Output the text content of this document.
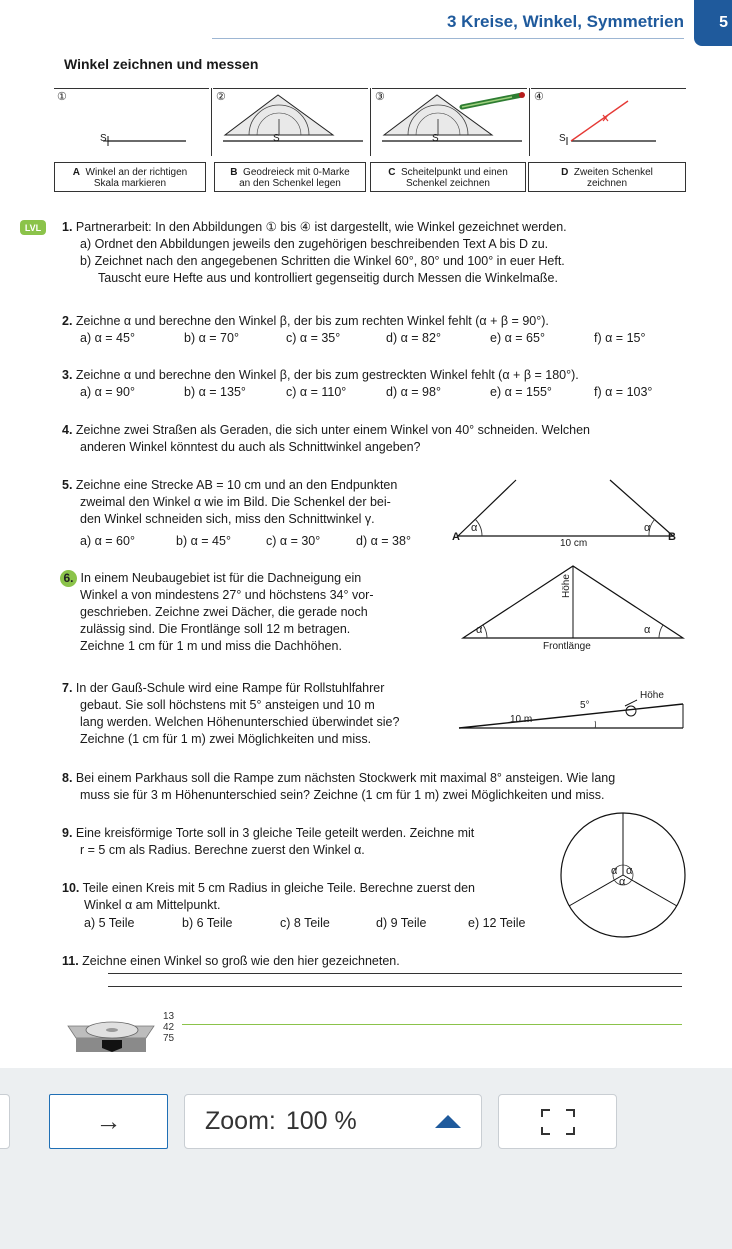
3 Kreise, Winkel, Symmetrien	5
Winkel zeichnen und messen
①
S
②
S
③
S
④
S
A Winkel an der richtigen
Skala markieren
B Geodreieck mit 0-Marke
an den Schenkel legen
C Scheitelpunkt und einen
Schenkel zeichnen
D Zweiten Schenkel
zeichnen
LVL	1. Partnerarbeit: In den Abbildungen ① bis ④ ist dargestellt, wie Winkel gezeichnet werden.
a) Ordnet den Abbildungen jeweils den zugehörigen beschreibenden Text A bis D zu.
b) Zeichnet nach den angegebenen Schritten die Winkel 60°, 80° und 100° in euer Heft.
Tauscht eure Hefte aus und kontrolliert gegenseitig durch Messen die Winkelmaße.
2. Zeichne α und berechne den Winkel β, der bis zum rechten Winkel fehlt (α + β = 90°).
a) α = 45°	b) α = 70°	c) α = 35°	d) α = 82°	e) α = 65°	f) α = 15°
3. Zeichne α und berechne den Winkel β, der bis zum gestreckten Winkel fehlt (α + β = 180°).
a) α = 90°	b) α = 135°	c) α = 110°	d) α = 98°	e) α = 155°	f) α = 103°
4. Zeichne zwei Straßen als Geraden, die sich unter einem Winkel von 40° schneiden. Welchen
anderen Winkel könntest du auch als Schnittwinkel angeben?
5. Zeichne eine Strecke AB = 10 cm und an den Endpunkten
zweimal den Winkel α wie im Bild. Die Schenkel der bei-
den Winkel schneiden sich, miss den Schnittwinkel γ.
a) α = 60°	b) α = 45°	c) α = 30°	d) α = 38°	A	B
10 cm
α	α
6. In einem Neubaugebiet ist für die Dachneigung ein
Winkel a von mindestens 27° und höchstens 34° vor-
geschrieben. Zeichne zwei Dächer, die gerade noch
zulässig sind. Die Frontlänge soll 12 m betragen.
Zeichne 1 cm für 1 m und miss die Dachhöhen.
Höhe
Frontlänge
α	α
7. In der Gauß-Schule wird eine Rampe für Rollstuhlfahrer
gebaut. Sie soll höchstens mit 5° ansteigen und 10 m
lang werden. Welchen Höhenunterschied überwindet sie?
Zeichne (1 cm für 1 m) zwei Möglichkeiten und miss.
Höhe
5°
10 m
8. Bei einem Parkhaus soll die Rampe zum nächsten Stockwerk mit maximal 8° ansteigen. Wie lang
muss sie für 3 m Höhenunterschied sein? Zeichne (1 cm für 1 m) zwei Möglichkeiten und miss.
9. Eine kreisförmige Torte soll in 3 gleiche Teile geteilt werden. Zeichne mit
r = 5 cm als Radius. Berechne zuerst den Winkel α.
α α
α
10. Teile einen Kreis mit 5 cm Radius in gleiche Teile. Berechne zuerst den
Winkel α am Mittelpunkt.
a) 5 Teile	b) 6 Teile	c) 8 Teile	d) 9 Teile	e) 12 Teile
11. Zeichne einen Winkel so groß wie den hier gezeichneten.
13
42
75
→	Zoom: 100 %
